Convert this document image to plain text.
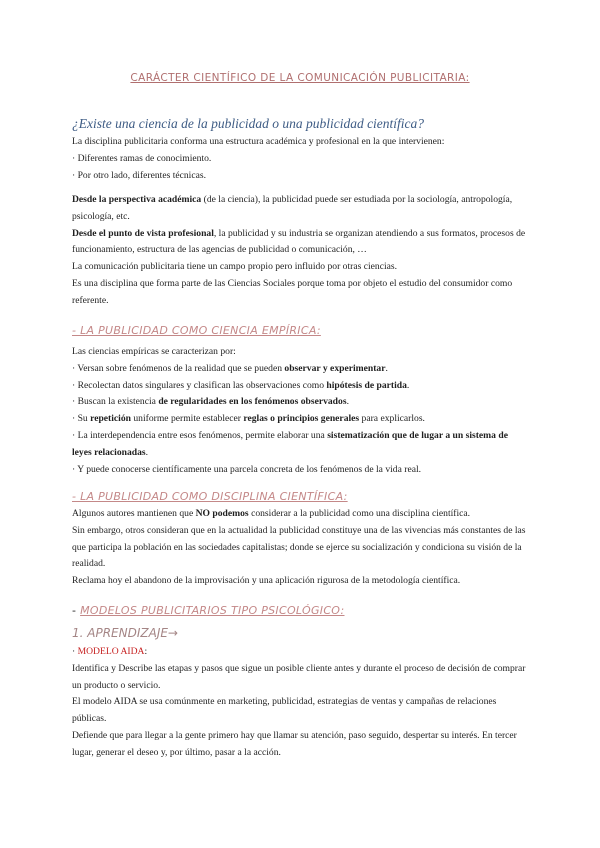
CARÁCTER CIENTÍFICO DE LA COMUNICACIÓN PUBLICITARIA:
¿Existe una ciencia de la publicidad o una publicidad científica?

La disciplina publicitaria conforma una estructura académica y profesional en la que intervienen:

· Diferentes ramas de conocimiento.

· Por otro lado, diferentes técnicas.

Desde la perspectiva académica (de la ciencia), la publicidad puede ser estudiada por la sociología, antropología, psicología, etc.

Desde el punto de vista profesional, la publicidad y su industria se organizan atendiendo a sus formatos, procesos de funcionamiento, estructura de las agencias de publicidad o comunicación, …

La comunicación publicitaria tiene un campo propio pero influido por otras ciencias.

Es una disciplina que forma parte de las Ciencias Sociales porque toma por objeto el estudio del consumidor como referente.

- LA PUBLICIDAD COMO CIENCIA EMPÍRICA:

Las ciencias empíricas se caracterizan por:

· Versan sobre fenómenos de la realidad que se pueden observar y experimentar.

· Recolectan datos singulares y clasifican las observaciones como hipótesis de partida.

· Buscan la existencia de regularidades en los fenómenos observados.

· Su repetición uniforme permite establecer reglas o principios generales para explicarlos.

· La interdependencia entre esos fenómenos, permite elaborar una sistematización que de lugar a un sistema de leyes relacionadas.

· Y puede conocerse científicamente una parcela concreta de los fenómenos de la vida real.

- LA PUBLICIDAD COMO DISCIPLINA CIENTÍFICA:

Algunos autores mantienen que NO podemos considerar a la publicidad como una disciplina científica.

Sin embargo, otros consideran que en la actualidad la publicidad constituye una de las vivencias más constantes de las que participa la población en las sociedades capitalistas; donde se ejerce su socialización y condiciona su visión de la realidad.

Reclama hoy el abandono de la improvisación y una aplicación rigurosa de la metodología científica.

- MODELOS PUBLICITARIOS TIPO PSICOLÓGICO:
1. APRENDIZAJE→

· MODELO AIDA:

Identifica y Describe las etapas y pasos que sigue un posible cliente antes y durante el proceso de decisión de comprar un producto o servicio.

El modelo AIDA se usa comúnmente en marketing, publicidad, estrategias de ventas y campañas de relaciones públicas.

Defiende que para llegar a la gente primero hay que llamar su atención, paso seguido, despertar su interés. En tercer lugar, generar el deseo y, por último, pasar a la acción.
